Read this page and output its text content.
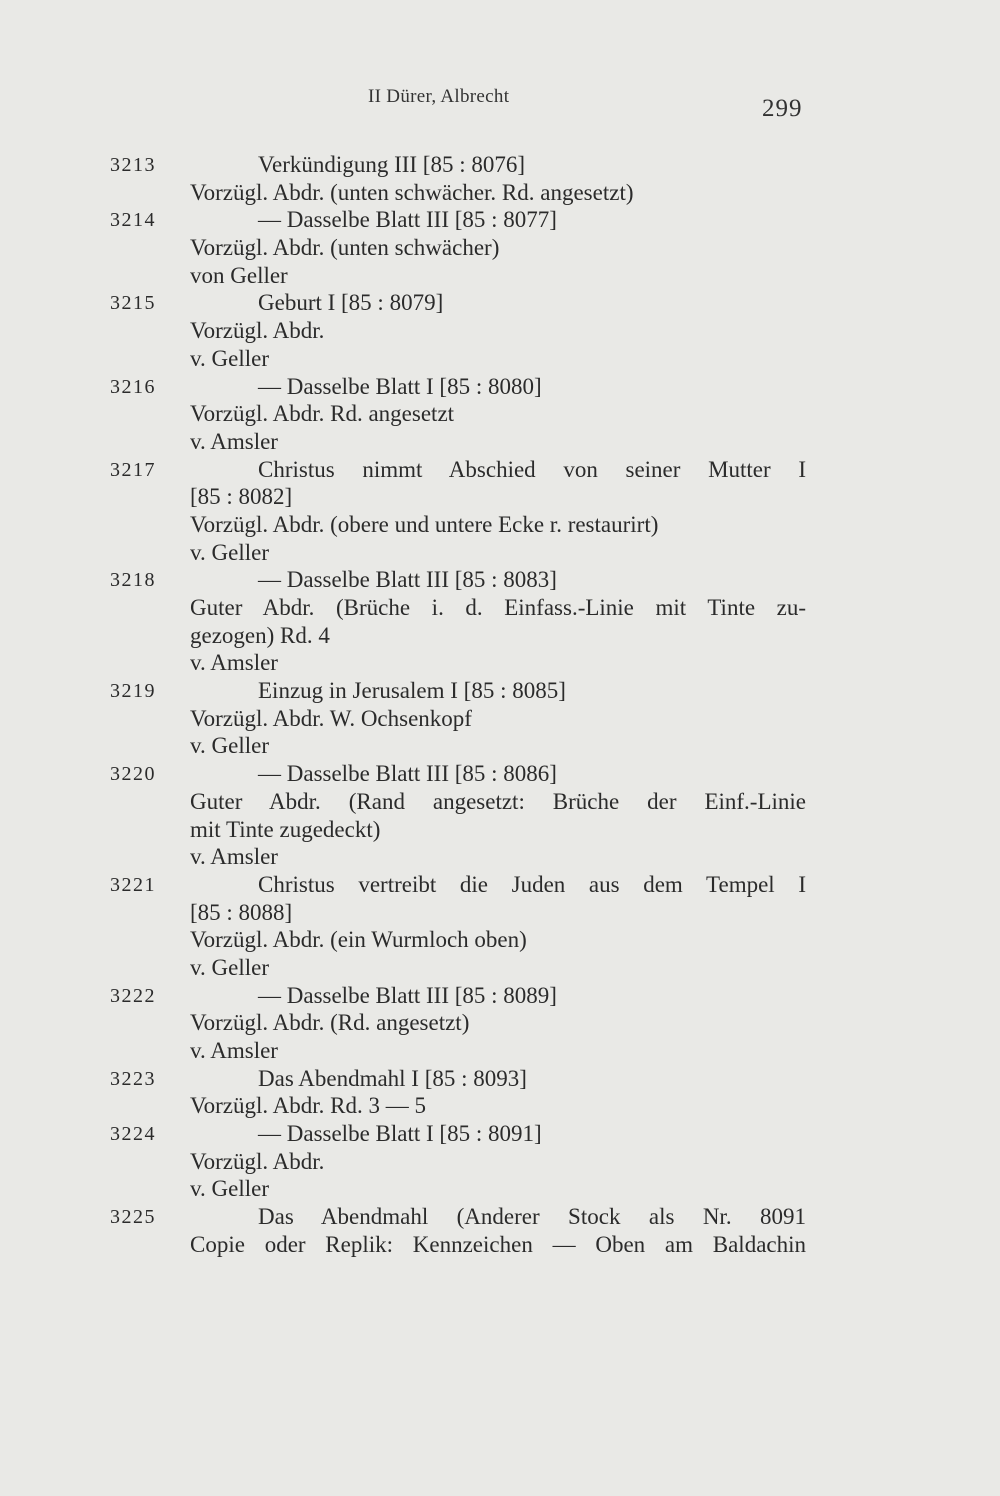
II Dürer, Albrecht	299
3213	Verkündigung III [85 : 8076]
Vorzügl. Abdr. (unten schwächer. Rd. angesetzt)
3214	— Dasselbe Blatt III [85 : 8077]
Vorzügl. Abdr. (unten schwächer)
von Geller
3215	Geburt I [85 : 8079]
Vorzügl. Abdr.
v. Geller
3216	— Dasselbe Blatt I [85 : 8080]
Vorzügl. Abdr. Rd. angesetzt
v. Amsler
3217	Christus nimmt Abschied von seiner Mutter I
[85 : 8082]
Vorzügl. Abdr. (obere und untere Ecke r. restaurirt)
v. Geller
3218	— Dasselbe Blatt III [85 : 8083]
Guter Abdr. (Brüche i. d. Einfass.-Linie mit Tinte zu-
gezogen) Rd. 4
v. Amsler
3219	Einzug in Jerusalem I [85 : 8085]
Vorzügl. Abdr. W. Ochsenkopf
v. Geller
3220	— Dasselbe Blatt III [85 : 8086]
Guter Abdr. (Rand angesetzt: Brüche der Einf.-Linie
mit Tinte zugedeckt)
v. Amsler
3221	Christus vertreibt die Juden aus dem Tempel I
[85 : 8088]
Vorzügl. Abdr. (ein Wurmloch oben)
v. Geller
3222	— Dasselbe Blatt III [85 : 8089]
Vorzügl. Abdr. (Rd. angesetzt)
v. Amsler
3223	Das Abendmahl I [85 : 8093]
Vorzügl. Abdr. Rd. 3 — 5
3224	— Dasselbe Blatt I [85 : 8091]
Vorzügl. Abdr.
v. Geller
3225	Das Abendmahl (Anderer Stock als Nr. 8091
Copie oder Replik: Kennzeichen — Oben am Baldachin
